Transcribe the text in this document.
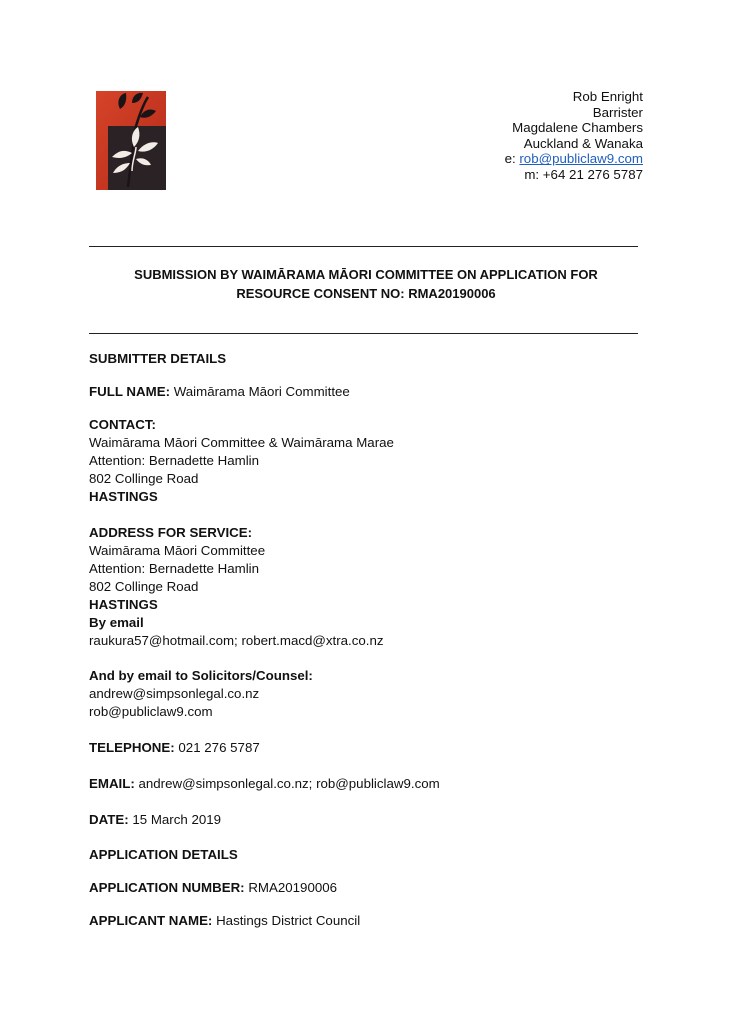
Rob Enright
Barrister
Magdalene Chambers
Auckland & Wanaka
e: rob@publiclaw9.com
m: +64 21 276 5787
SUBMISSION BY WAIMĀRAMA MĀORI COMMITTEE ON APPLICATION FOR
RESOURCE CONSENT NO: RMA20190006
SUBMITTER DETAILS
FULL NAME: Waimārama Māori Committee
CONTACT:
Waimārama Māori Committee & Waimārama Marae
Attention: Bernadette Hamlin
802 Collinge Road
HASTINGS
ADDRESS FOR SERVICE:
Waimārama Māori Committee
Attention: Bernadette Hamlin
802 Collinge Road
HASTINGS
By email
raukura57@hotmail.com; robert.macd@xtra.co.nz
And by email to Solicitors/Counsel:
andrew@simpsonlegal.co.nz
rob@publiclaw9.com
TELEPHONE: 021 276 5787
EMAIL: andrew@simpsonlegal.co.nz; rob@publiclaw9.com
DATE: 15 March 2019
APPLICATION DETAILS
APPLICATION NUMBER: RMA20190006
APPLICANT NAME: Hastings District Council
